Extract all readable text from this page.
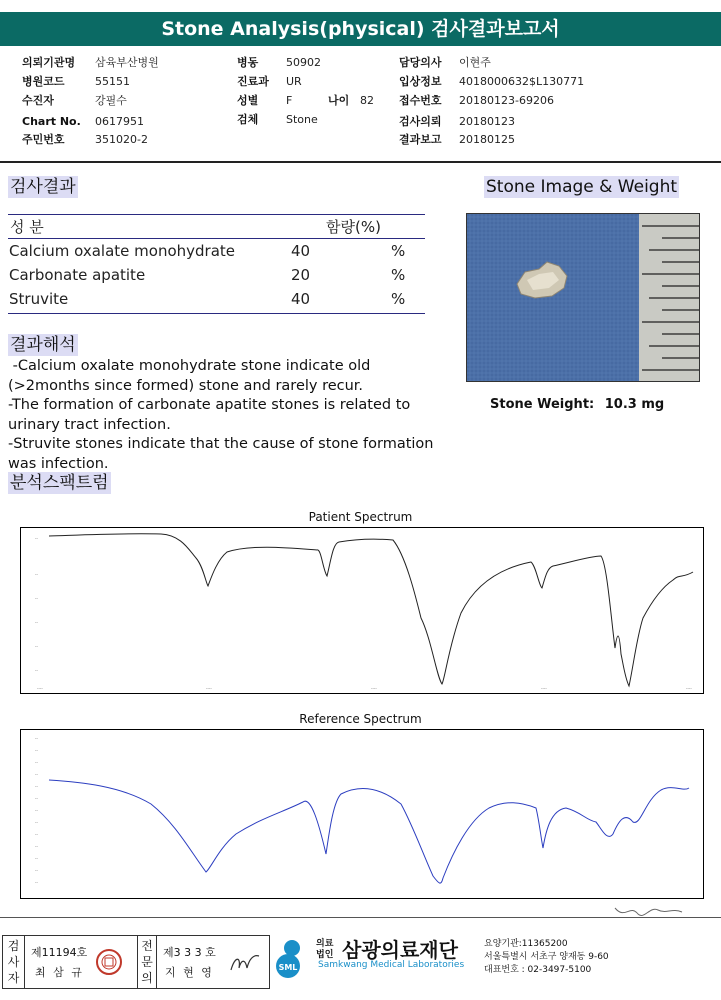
Stone Analysis(physical) 검사결과보고서
의뢰기관명 삼육부산병원
병원코드	55151
수진자	강필수
Chart No. 0617951
주민번호	351020-2
병동	50902
진료과 UR
성별	F
검체	Stone
나이 82
담당의사 이현주
입상정보 4018000632$L130771
접수번호 20180123-69206
검사의뢰 20180123
결과보고 20180125
검사결과
성 분	함량(%)
Calcium oxalate monohydrate	40	%
Carbonate apatite	20	%
Struvite	40	%
Stone Image & Weight
Stone Weight: 10.3 mg
결과해석
-Calcium oxalate monohydrate stone indicate old
(>2months since formed) stone and rarely recur.
-The formation of carbonate apatite stones is related to
urinary tract infection.
-Struvite stones indicate that the cause of stone formation
was infection.
분석스팩트럼
Patient Spectrum
--
--
--
--
--
--
----	----	----	----	----
Reference Spectrum
--
--
--
--
--
--
--
--
--
--
--
--
--
검사자
제11194호
최 삼 규
전문의
제3 3 3 호
지 현 영	SML
의료
법인 삼광의료재단
Samkwang Medical Laboratories
요양기관:11365200
서울특별시 서초구 양재동 9-60
대표번호 : 02-3497-5100
